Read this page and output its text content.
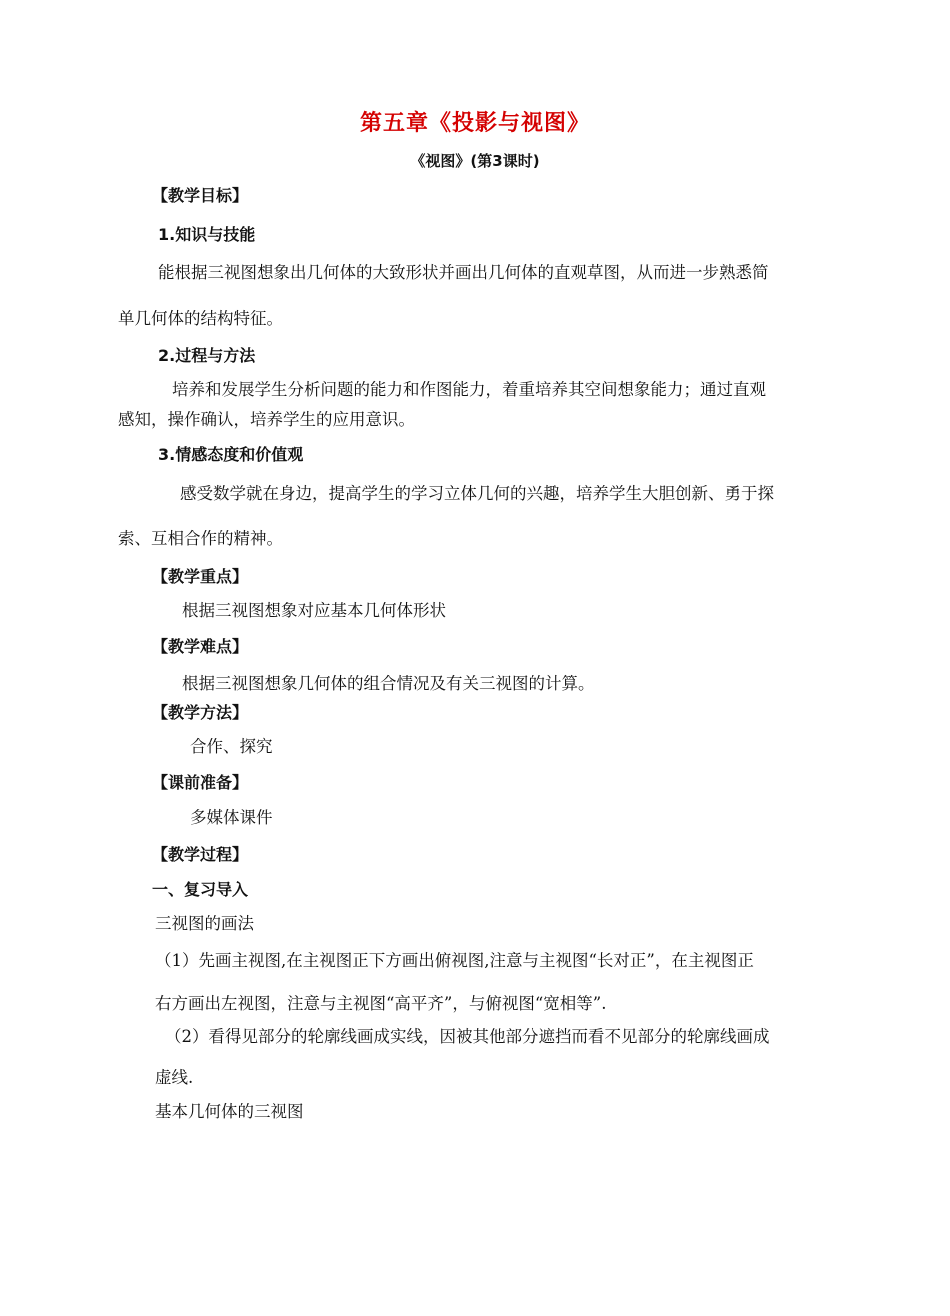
第五章《投影与视图》
《视图》(第3课时)
【教学目标】
1.知识与技能
能根据三视图想象出几何体的大致形状并画出几何体的直观草图，从而进一步熟悉简
单几何体的结构特征。
2.过程与方法
培养和发展学生分析问题的能力和作图能力，着重培养其空间想象能力；通过直观
感知，操作确认，培养学生的应用意识。
3.情感态度和价值观
感受数学就在身边，提高学生的学习立体几何的兴趣，培养学生大胆创新、勇于探
索、互相合作的精神。
【教学重点】
根据三视图想象对应基本几何体形状
【教学难点】
根据三视图想象几何体的组合情况及有关三视图的计算。
【教学方法】
合作、探究
【课前准备】
多媒体课件
【教学过程】
一、复习导入
三视图的画法
（1）先画主视图,在主视图正下方画出俯视图,注意与主视图“长对正”，在主视图正
右方画出左视图，注意与主视图“高平齐”，与俯视图“宽相等”.
（2）看得见部分的轮廓线画成实线，因被其他部分遮挡而看不见部分的轮廓线画成
虚线.
基本几何体的三视图
